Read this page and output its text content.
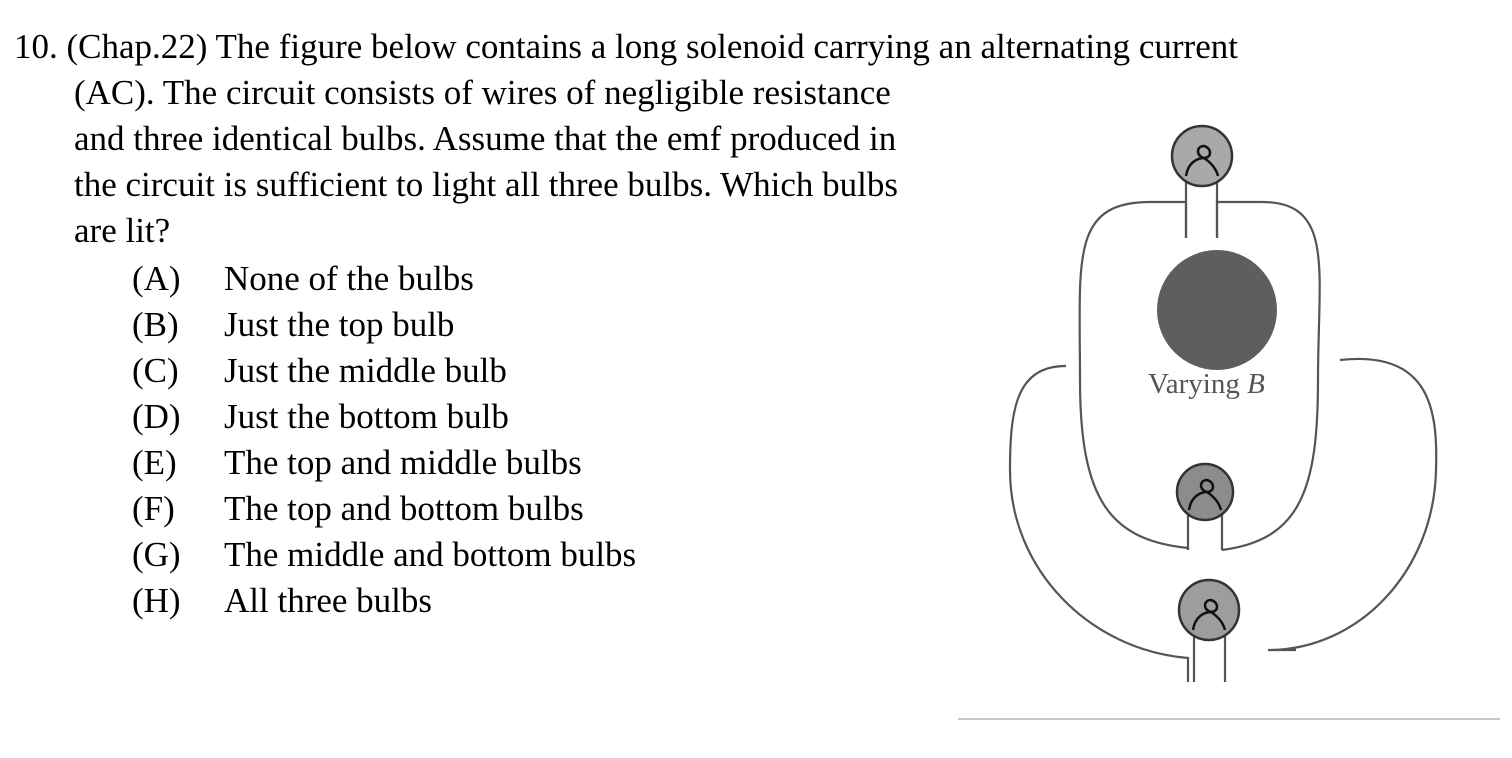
10. (Chap.22) The figure below contains a long solenoid carrying an alternating current
(AC). The circuit consists of wires of negligible resistance and three identical bulbs. Assume that the emf produced in the circuit is sufficient to light all three bulbs. Which bulbs are lit?
(A)	None of the bulbs
(B)	Just the top bulb
(C)	Just the middle bulb
(D)	Just the bottom bulb
(E)	The top and middle bulbs
(F)	The top and bottom bulbs
(G)	The middle and bottom bulbs
(H)	All three bulbs
Varying B
